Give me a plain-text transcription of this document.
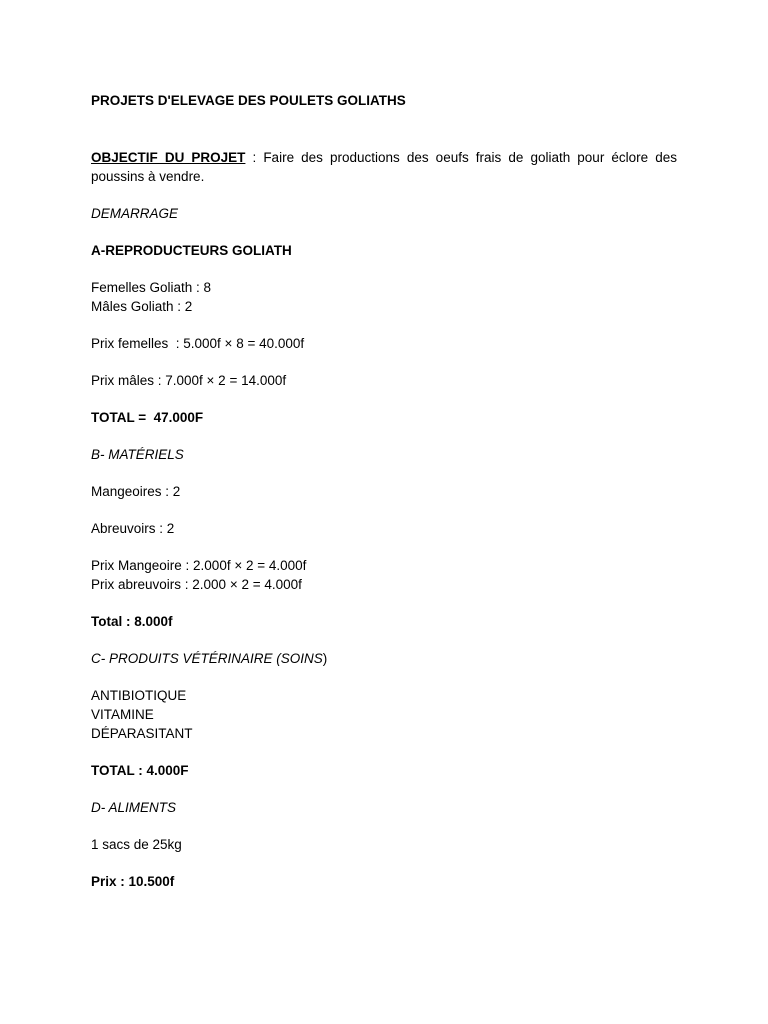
PROJETS D'ELEVAGE DES POULETS GOLIATHS

OBJECTIF DU PROJET : Faire des productions des oeufs frais de goliath pour éclore des poussins à vendre.

DEMARRAGE

A-REPRODUCTEURS GOLIATH

Femelles Goliath : 8

Mâles Goliath : 2

Prix femelles  : 5.000f × 8 = 40.000f

Prix mâles : 7.000f × 2 = 14.000f

TOTAL =  47.000F

B- MATÉRIELS

Mangeoires : 2

Abreuvoirs : 2

Prix Mangeoire : 2.000f × 2 = 4.000f

Prix abreuvoirs : 2.000 × 2 = 4.000f

Total : 8.000f

C- PRODUITS VÉTÉRINAIRE (SOINS)

ANTIBIOTIQUE

VITAMINE

DÉPARASITANT

TOTAL : 4.000F

D- ALIMENTS

1 sacs de 25kg

Prix : 10.500f
